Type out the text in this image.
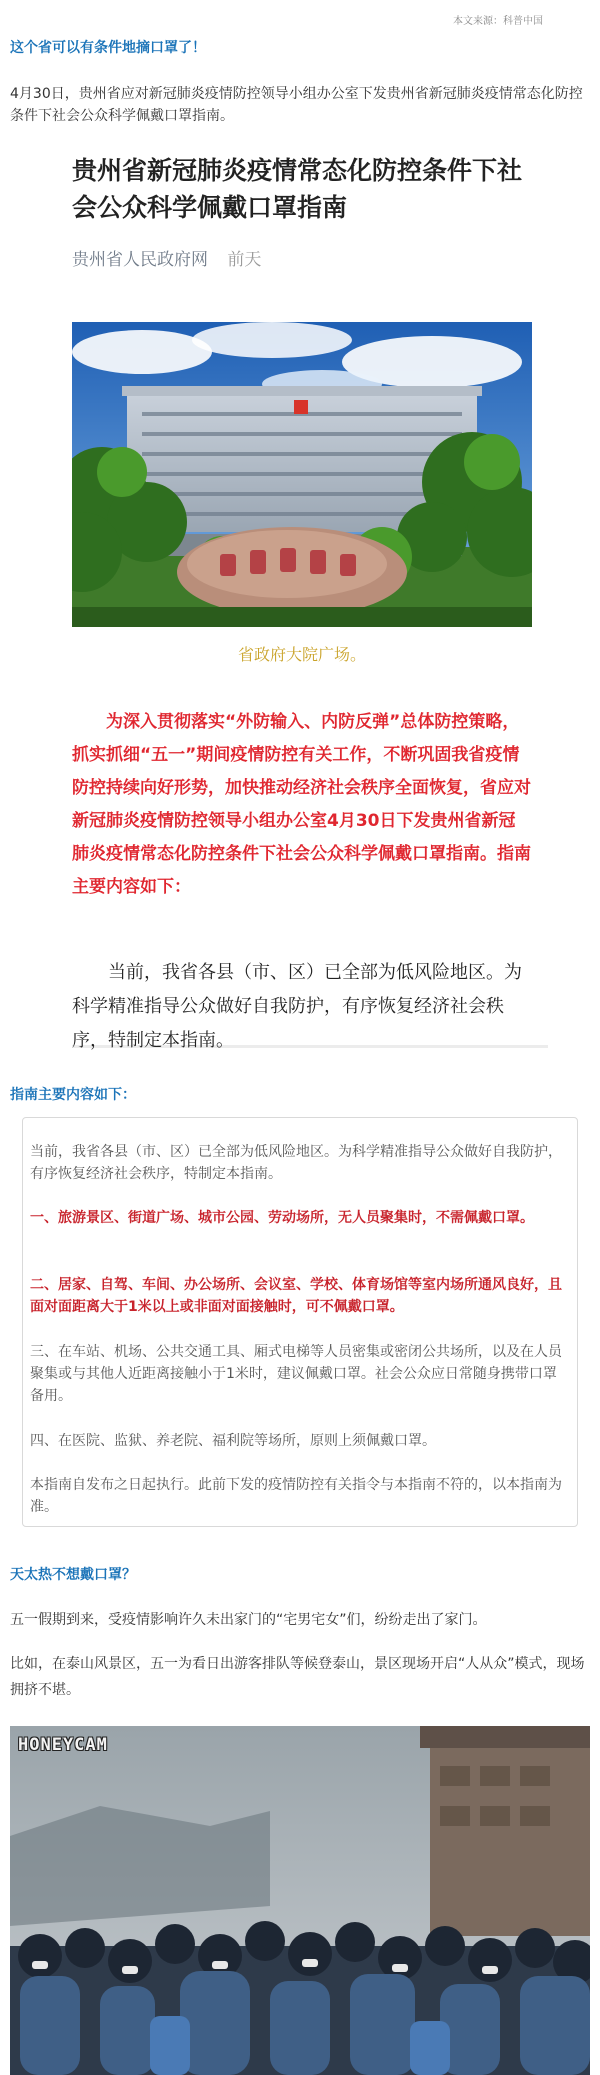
本文来源：科普中国
这个省可以有条件地摘口罩了！

4月30日，贵州省应对新冠肺炎疫情防控领导小组办公室下发贵州省新冠肺炎疫情常态化防控条件下社会公众科学佩戴口罩指南。

贵州省新冠肺炎疫情常态化防控条件下社会公众科学佩戴口罩指南
贵州省人民政府网 前天
省政府大院广场。

为深入贯彻落实“外防输入、内防反弹”总体防控策略，抓实抓细“五一”期间疫情防控有关工作，不断巩固我省疫情防控持续向好形势，加快推动经济社会秩序全面恢复，省应对新冠肺炎疫情防控领导小组办公室4月30日下发贵州省新冠肺炎疫情常态化防控条件下社会公众科学佩戴口罩指南。指南主要内容如下：

当前，我省各县（市、区）已全部为低风险地区。为科学精准指导公众做好自我防护，有序恢复经济社会秩序，特制定本指南。

指南主要内容如下：

当前，我省各县（市、区）已全部为低风险地区。为科学精准指导公众做好自我防护，有序恢复经济社会秩序，特制定本指南。

一、旅游景区、街道广场、城市公园、劳动场所，无人员聚集时，不需佩戴口罩。

二、居家、自驾、车间、办公场所、会议室、学校、体育场馆等室内场所通风良好，且面对面距离大于1米以上或非面对面接触时，可不佩戴口罩。

三、在车站、机场、公共交通工具、厢式电梯等人员密集或密闭公共场所，以及在人员聚集或与其他人近距离接触小于1米时，建议佩戴口罩。社会公众应日常随身携带口罩备用。

四、在医院、监狱、养老院、福利院等场所，原则上须佩戴口罩。

本指南自发布之日起执行。此前下发的疫情防控有关指令与本指南不符的，以本指南为准。

天太热不想戴口罩？

五一假期到来，受疫情影响许久未出家门的“宅男宅女”们，纷纷走出了家门。

比如，在泰山风景区，五一为看日出游客排队等候登泰山，景区现场开启“人从众”模式，现场拥挤不堪。

HONEYCAM
